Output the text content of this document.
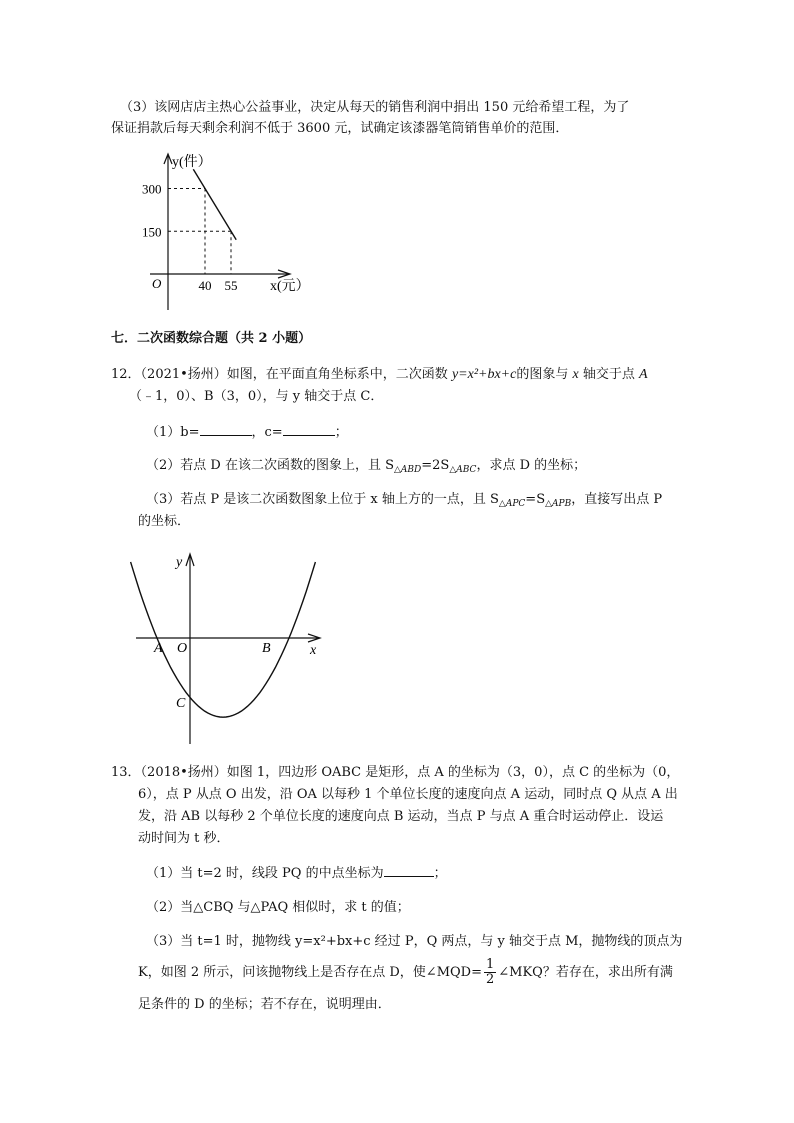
（3）该网店店主热心公益事业，决定从每天的销售利润中捐出 150 元给希望工程，为了
保证捐款后每天剩余利润不低于 3600 元，试确定该漆器笔筒销售单价的范围．
y(件）
x(元）
O
300
150
40 55
七．二次函数综合题（共 2 小题）
12．（2021•扬州）如图，在平面直角坐标系中，二次函数 y=x²+bx+c的图象与 x 轴交于点 A
（﹣1，0）、B（3，0），与 y 轴交于点 C．
（1）b=	，c=	；
（2）若点 D 在该二次函数的图象上，且 $S_{\triangle ABD}=2S_{\triangle ABC}$，求点 D 的坐标；
（3）若点 P 是该二次函数图象上位于 x 轴上方的一点，且 $S_{\triangle APC}=S_{\triangle APB}$，直接写出点 P
的坐标．
y
x
A O	B
C
13．（2018•扬州）如图 1，四边形 OABC 是矩形，点 A 的坐标为（3，0），点 C 的坐标为（0，
6），点 P 从点 O 出发，沿 OA 以每秒 1 个单位长度的速度向点 A 运动，同时点 Q 从点 A 出
发，沿 AB 以每秒 2 个单位长度的速度向点 B 运动，当点 P 与点 A 重合时运动停止．设运
动时间为 t 秒．
（1）当 t=2 时，线段 PQ 的中点坐标为	；
（2）当△CBQ 与△PAQ 相似时，求 t 的值；
（3）当 t=1 时，抛物线 y=x²+bx+c 经过 P，Q 两点，与 y 轴交于点 M，抛物线的顶点为
K，如图 2 所示，问该抛物线上是否存在点 D，使∠MQD= $\frac{1}{2}$ ∠MKQ？若存在，求出所有满
足条件的 D 的坐标；若不存在，说明理由．
